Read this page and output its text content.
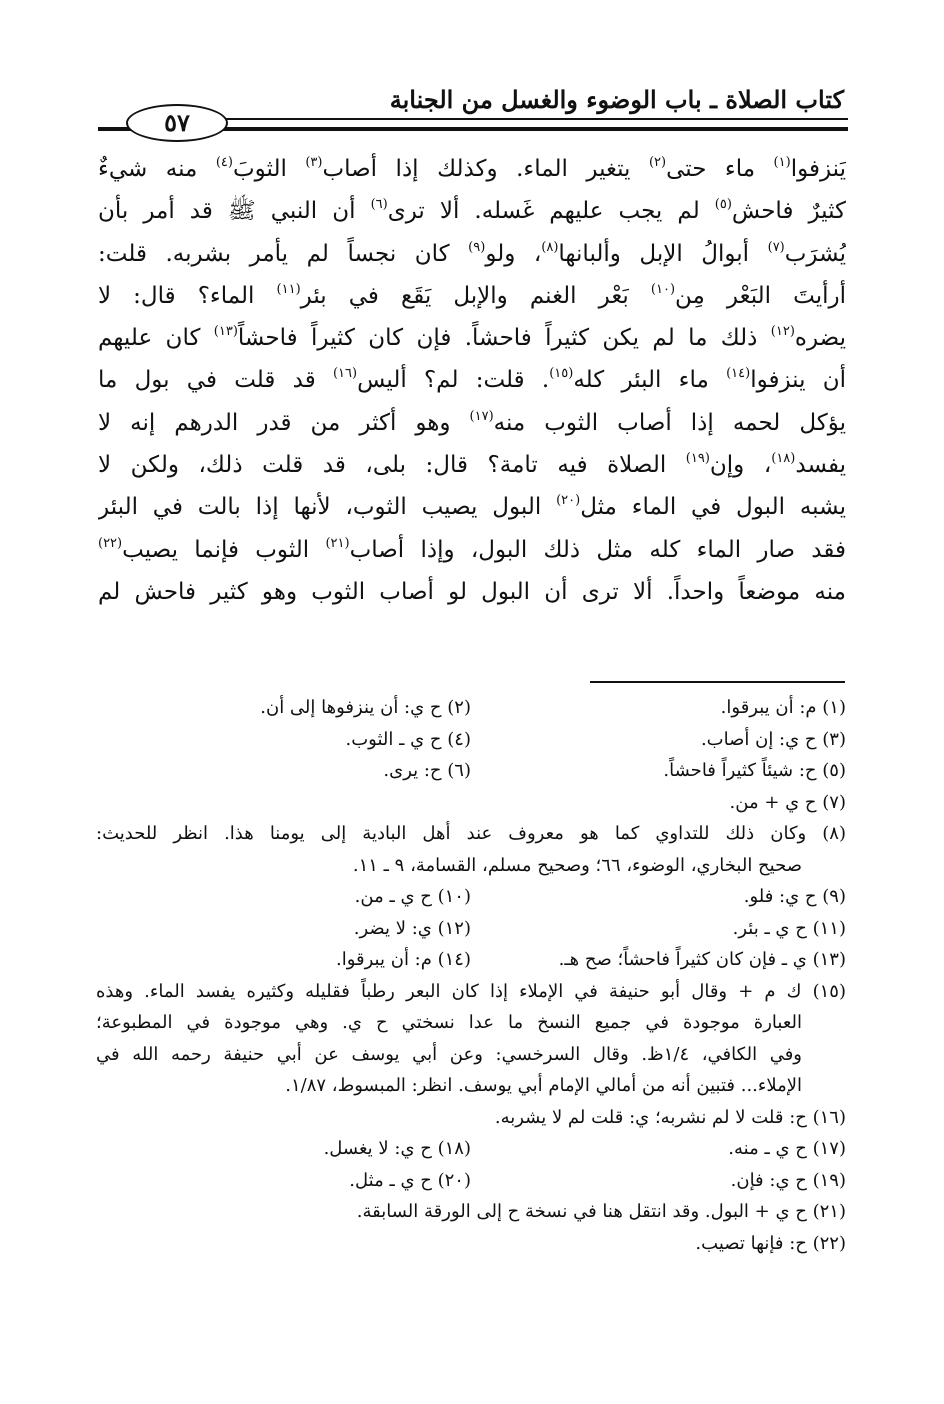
كتاب الصلاة ـ باب الوضوء والغسل من الجنابة
٥٧
يَنزفوا$^{(١)}$ ماء حتى$^{(٢)}$ يتغير الماء. وكذلك إذا أصاب$^{(٣)}$ الثوبَ$^{(٤)}$ منه شيءٌ
كثيرٌ فاحش$^{(٥)}$ لم يجب عليهم غَسله. ألا ترى$^{(٦)}$ أن النبي ﷺ قد أمر بأن
يُشرَب$^{(٧)}$ أبوالُ الإبل وألبانها$^{(٨)}$، ولو$^{(٩)}$ كان نجساً لم يأمر بشربه. قلت:
أرأيتَ البَعْر مِن$^{(١٠)}$ بَعْر الغنم والإبل يَقَع في بئر$^{(١١)}$ الماء؟ قال: لا
يضره$^{(١٢)}$ ذلك ما لم يكن كثيراً فاحشاً. فإن كان كثيراً فاحشاً$^{(١٣)}$ كان عليهم
أن ينزفوا$^{(١٤)}$ ماء البئر كله$^{(١٥)}$. قلت: لم؟ أليس$^{(١٦)}$ قد قلت في بول ما
يؤكل لحمه إذا أصاب الثوب منه$^{(١٧)}$ وهو أكثر من قدر الدرهم إنه لا
يفسد$^{(١٨)}$، وإن$^{(١٩)}$ الصلاة فيه تامة؟ قال: بلى، قد قلت ذلك، ولكن لا
يشبه البول في الماء مثل$^{(٢٠)}$ البول يصيب الثوب، لأنها إذا بالت في البئر
فقد صار الماء كله مثل ذلك البول، وإذا أصاب$^{(٢١)}$ الثوب فإنما يصيب$^{(٢٢)}$
منه موضعاً واحداً. ألا ترى أن البول لو أصاب الثوب وهو كثير فاحش لم
(١) م: أن يبرقوا.
(٢) ح ي: أن ينزفوها إلى أن.
(٣) ح ي: إن أصاب.
(٤) ح ي ـ الثوب.
(٥) ح: شيئاً كثيراً فاحشاً.
(٦) ح: يرى.
(٧) ح ي + من.
(٨) وكان ذلك للتداوي كما هو معروف عند أهل البادية إلى يومنا هذا. انظر للحديث:
صحيح البخاري، الوضوء، ٦٦؛ وصحيح مسلم، القسامة، ٩ ـ ١١.
(٩) ح ي: فلو.
(١٠) ح ي ـ من.
(١١) ح ي ـ بئر.
(١٢) ي: لا يضر.
(١٣) ي ـ فإن كان كثيراً فاحشاً؛ صح هـ.
(١٤) م: أن يبرقوا.
(١٥) ك م + وقال أبو حنيفة في الإملاء إذا كان البعر رطباً فقليله وكثيره يفسد الماء. وهذه
العبارة موجودة في جميع النسخ ما عدا نسختي ح ي. وهي موجودة في المطبوعة؛
وفي الكافي، ١/٤ظ. وقال السرخسي: وعن أبي يوسف عن أبي حنيفة رحمه الله في
الإملاء... فتبين أنه من أمالي الإمام أبي يوسف. انظر: المبسوط، ١/٨٧.
(١٦) ح: قلت لا لم نشربه؛ ي: قلت لم لا يشربه.
(١٧) ح ي ـ منه.
(١٨) ح ي: لا يغسل.
(١٩) ح ي: فإن.
(٢٠) ح ي ـ مثل.
(٢١) ح ي + البول. وقد انتقل هنا في نسخة ح إلى الورقة السابقة.
(٢٢) ح: فإنها تصيب.
